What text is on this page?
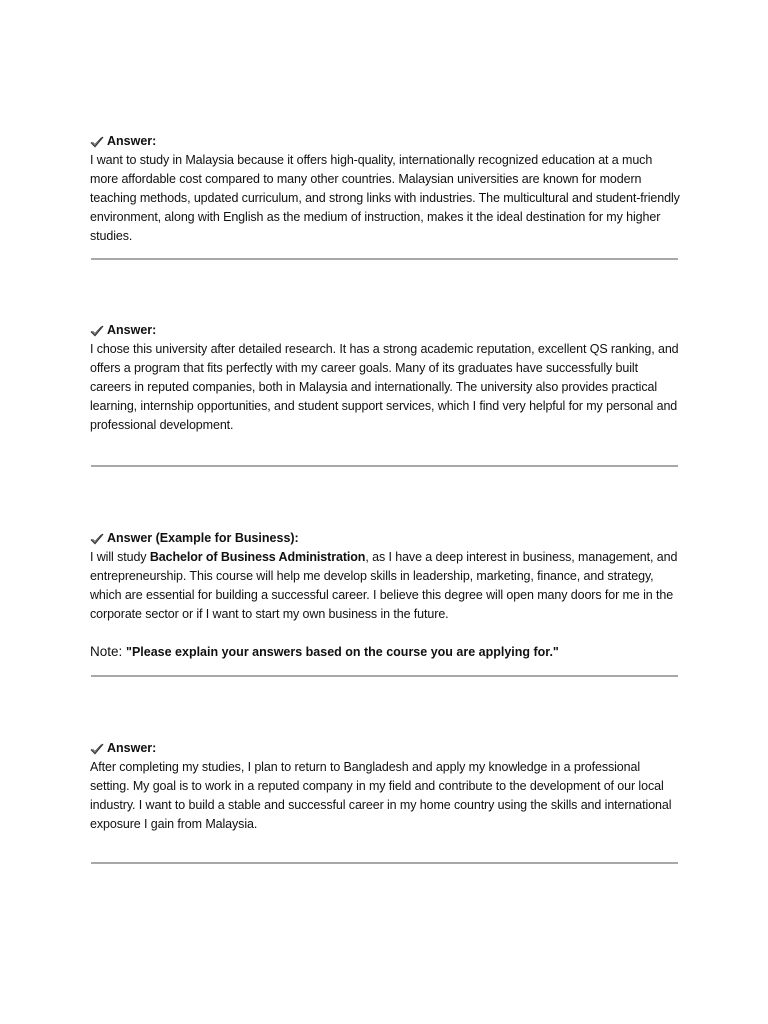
Answer:
I want to study in Malaysia because it offers high-quality, internationally recognized education at a much more affordable cost compared to many other countries. Malaysian universities are known for modern teaching methods, updated curriculum, and strong links with industries. The multicultural and student-friendly environment, along with English as the medium of instruction, makes it the ideal destination for my higher studies.
Answer:
I chose this university after detailed research. It has a strong academic reputation, excellent QS ranking, and offers a program that fits perfectly with my career goals. Many of its graduates have successfully built careers in reputed companies, both in Malaysia and internationally. The university also provides practical learning, internship opportunities, and student support services, which I find very helpful for my personal and professional development.
Answer (Example for Business):
I will study Bachelor of Business Administration, as I have a deep interest in business, management, and entrepreneurship. This course will help me develop skills in leadership, marketing, finance, and strategy, which are essential for building a successful career. I believe this degree will open many doors for me in the corporate sector or if I want to start my own business in the future.
Note: "Please explain your answers based on the course you are applying for."
Answer:
After completing my studies, I plan to return to Bangladesh and apply my knowledge in a professional setting. My goal is to work in a reputed company in my field and contribute to the development of our local industry. I want to build a stable and successful career in my home country using the skills and international exposure I gain from Malaysia.
